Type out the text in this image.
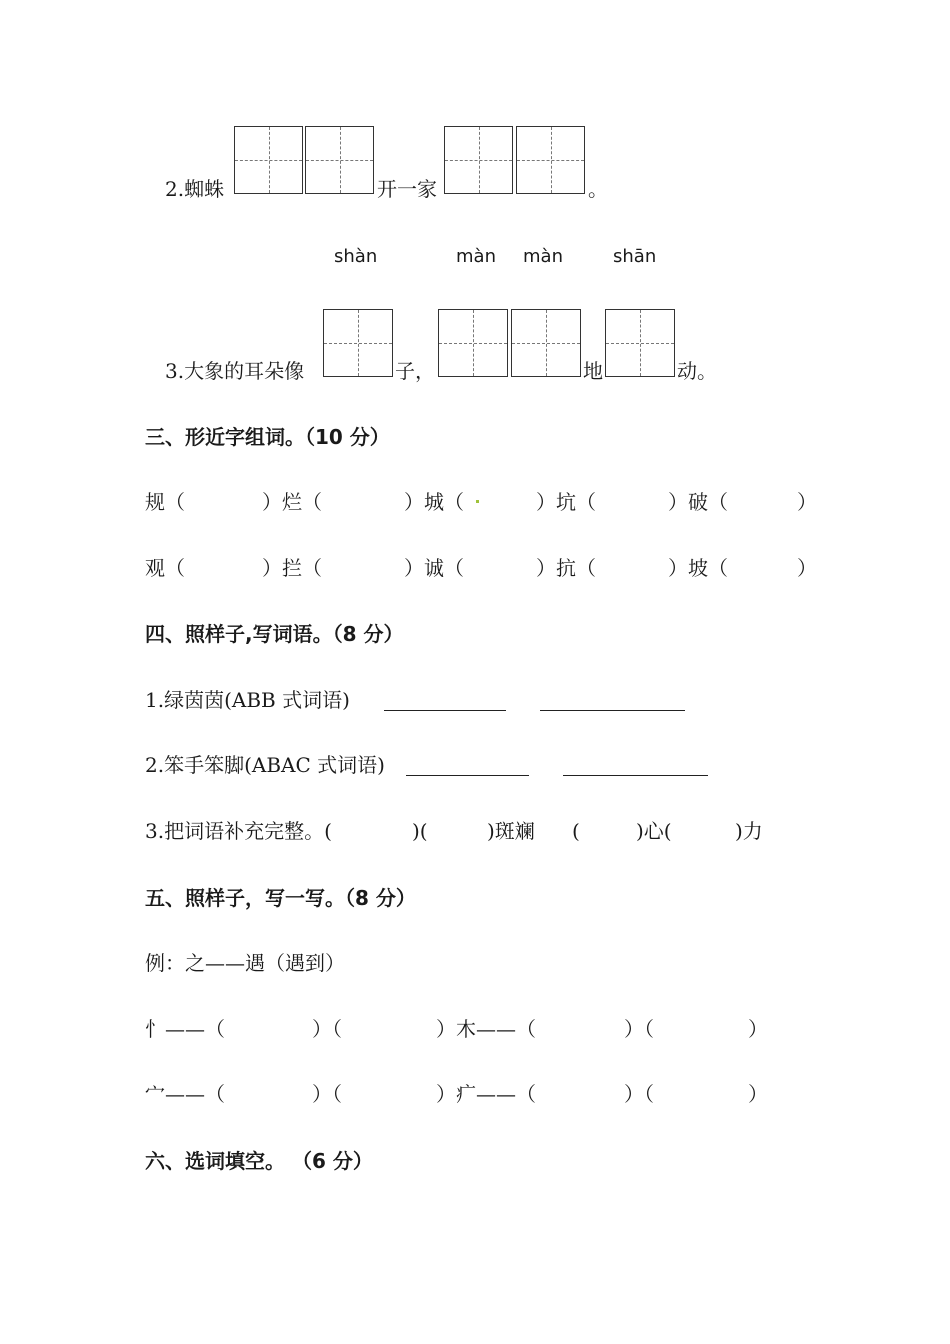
2.蜘蛛	开一家	。
shàn	màn màn	shān
3.大象的耳朵像	子，	地	动。
三、形近字组词。（10 分）
规（	）烂（	）城（	）坑（	）破（	）
观（	）拦（	）诚（	）抗（	）坡（	）
四、照样子,写词语。（8 分）
1.绿茵茵(ABB 式词语)
2.笨手笨脚(ABAC 式词语)
3.把词语补充完整。(	)(	)斑斓 (	)心(	)力
五、照样子，写一写。（8 分）
例：之——遇（遇到）
忄——（	）（	）木——（	）（	）
宀——（	）（	）疒——（	）（	）
六、选词填空。 （6 分）
